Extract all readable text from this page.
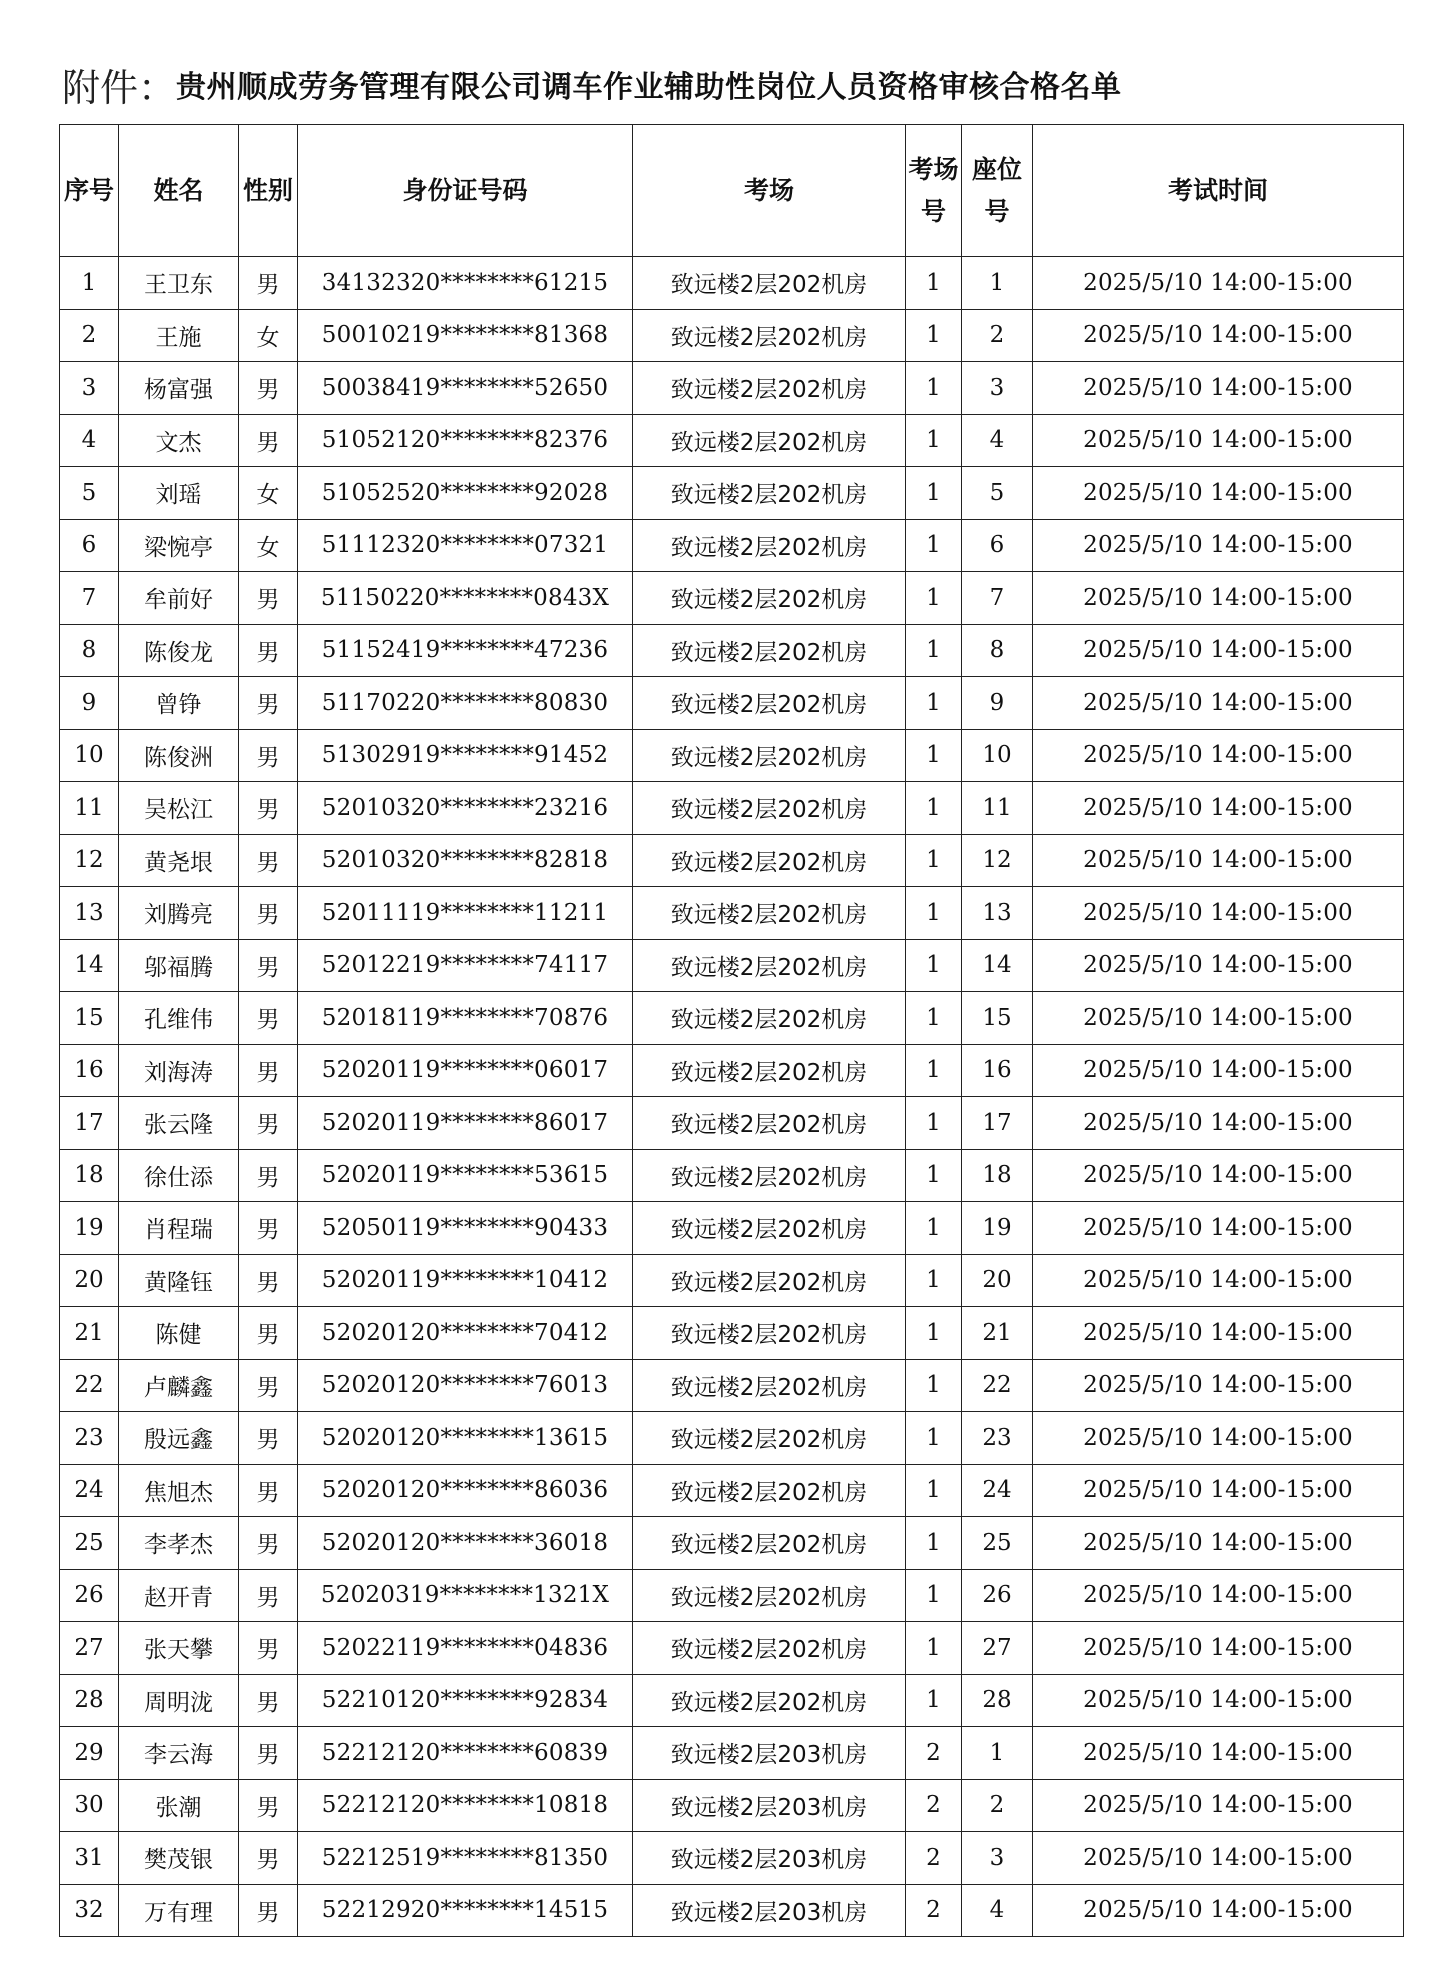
附件： 贵州顺成劳务管理有限公司调车作业辅助性岗位人员资格审核合格名单
序号	姓名	性别	身份证号码	考场	考场号	座位号	考试时间
1	王卫东	男	34132320********61215	致远楼2层202机房	1	1	2025/5/10 14:00-15:00
2	王施	女	50010219********81368	致远楼2层202机房	1	2	2025/5/10 14:00-15:00
3	杨富强	男	50038419********52650	致远楼2层202机房	1	3	2025/5/10 14:00-15:00
4	文杰	男	51052120********82376	致远楼2层202机房	1	4	2025/5/10 14:00-15:00
5	刘瑶	女	51052520********92028	致远楼2层202机房	1	5	2025/5/10 14:00-15:00
6	梁惋亭	女	51112320********07321	致远楼2层202机房	1	6	2025/5/10 14:00-15:00
7	牟前好	男	51150220********0843X	致远楼2层202机房	1	7	2025/5/10 14:00-15:00
8	陈俊龙	男	51152419********47236	致远楼2层202机房	1	8	2025/5/10 14:00-15:00
9	曾铮	男	51170220********80830	致远楼2层202机房	1	9	2025/5/10 14:00-15:00
10	陈俊洲	男	51302919********91452	致远楼2层202机房	1	10	2025/5/10 14:00-15:00
11	吴松江	男	52010320********23216	致远楼2层202机房	1	11	2025/5/10 14:00-15:00
12	黄尧垠	男	52010320********82818	致远楼2层202机房	1	12	2025/5/10 14:00-15:00
13	刘腾亮	男	52011119********11211	致远楼2层202机房	1	13	2025/5/10 14:00-15:00
14	邬福腾	男	52012219********74117	致远楼2层202机房	1	14	2025/5/10 14:00-15:00
15	孔维伟	男	52018119********70876	致远楼2层202机房	1	15	2025/5/10 14:00-15:00
16	刘海涛	男	52020119********06017	致远楼2层202机房	1	16	2025/5/10 14:00-15:00
17	张云隆	男	52020119********86017	致远楼2层202机房	1	17	2025/5/10 14:00-15:00
18	徐仕添	男	52020119********53615	致远楼2层202机房	1	18	2025/5/10 14:00-15:00
19	肖程瑞	男	52050119********90433	致远楼2层202机房	1	19	2025/5/10 14:00-15:00
20	黄隆钰	男	52020119********10412	致远楼2层202机房	1	20	2025/5/10 14:00-15:00
21	陈健	男	52020120********70412	致远楼2层202机房	1	21	2025/5/10 14:00-15:00
22	卢麟鑫	男	52020120********76013	致远楼2层202机房	1	22	2025/5/10 14:00-15:00
23	殷远鑫	男	52020120********13615	致远楼2层202机房	1	23	2025/5/10 14:00-15:00
24	焦旭杰	男	52020120********86036	致远楼2层202机房	1	24	2025/5/10 14:00-15:00
25	李孝杰	男	52020120********36018	致远楼2层202机房	1	25	2025/5/10 14:00-15:00
26	赵开青	男	52020319********1321X	致远楼2层202机房	1	26	2025/5/10 14:00-15:00
27	张天攀	男	52022119********04836	致远楼2层202机房	1	27	2025/5/10 14:00-15:00
28	周明泷	男	52210120********92834	致远楼2层202机房	1	28	2025/5/10 14:00-15:00
29	李云海	男	52212120********60839	致远楼2层203机房	2	1	2025/5/10 14:00-15:00
30	张潮	男	52212120********10818	致远楼2层203机房	2	2	2025/5/10 14:00-15:00
31	樊茂银	男	52212519********81350	致远楼2层203机房	2	3	2025/5/10 14:00-15:00
32	万有理	男	52212920********14515	致远楼2层203机房	2	4	2025/5/10 14:00-15:00
